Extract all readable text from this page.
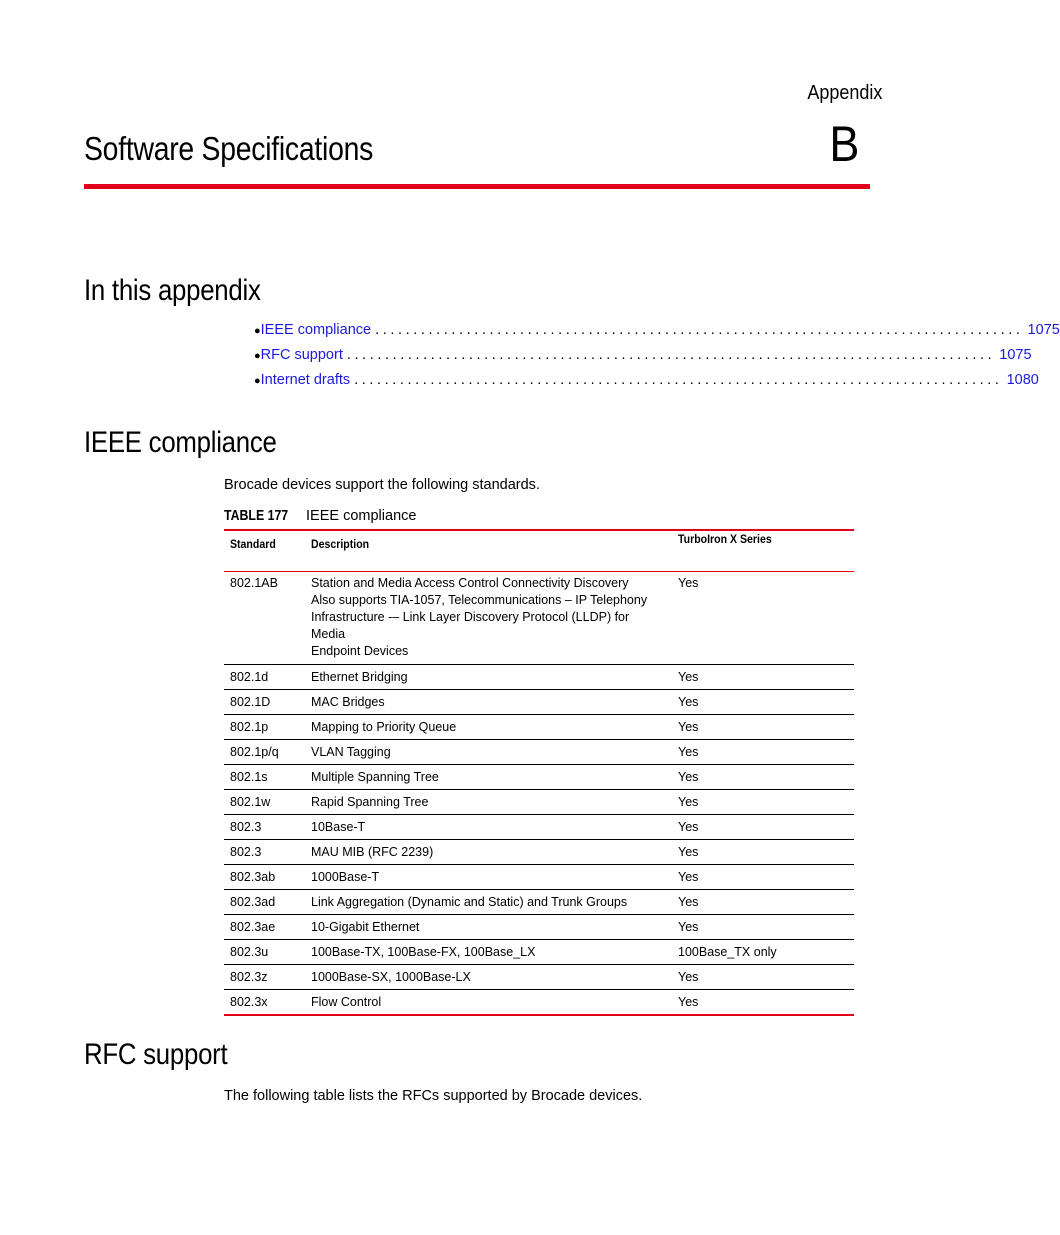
Appendix
Software Specifications	B
In this appendix
● IEEE compliance ..................................................................................... 1075
● RFC support ..................................................................................... 1075
● Internet drafts ..................................................................................... 1080
IEEE compliance

Brocade devices support the following standards.

TABLE 177 IEEE compliance
Standard	Description	TurboIron X Series
802.1AB	Station and Media Access Control Connectivity Discovery
Also supports TIA-1057, Telecommunications – IP Telephony
Infrastructure -– Link Layer Discovery Protocol (LLDP) for Media
Endpoint Devices	Yes
802.1d	Ethernet Bridging	Yes
802.1D	MAC Bridges	Yes
802.1p	Mapping to Priority Queue	Yes
802.1p/q	VLAN Tagging	Yes
802.1s	Multiple Spanning Tree	Yes
802.1w	Rapid Spanning Tree	Yes
802.3	10Base-T	Yes
802.3	MAU MIB (RFC 2239)	Yes
802.3ab	1000Base-T	Yes
802.3ad	Link Aggregation (Dynamic and Static) and Trunk Groups	Yes
802.3ae	10-Gigabit Ethernet	Yes
802.3u	100Base-TX, 100Base-FX, 100Base_LX	100Base_TX only
802.3z	1000Base-SX, 1000Base-LX	Yes
802.3x	Flow Control	Yes
RFC support

The following table lists the RFCs supported by Brocade devices.
